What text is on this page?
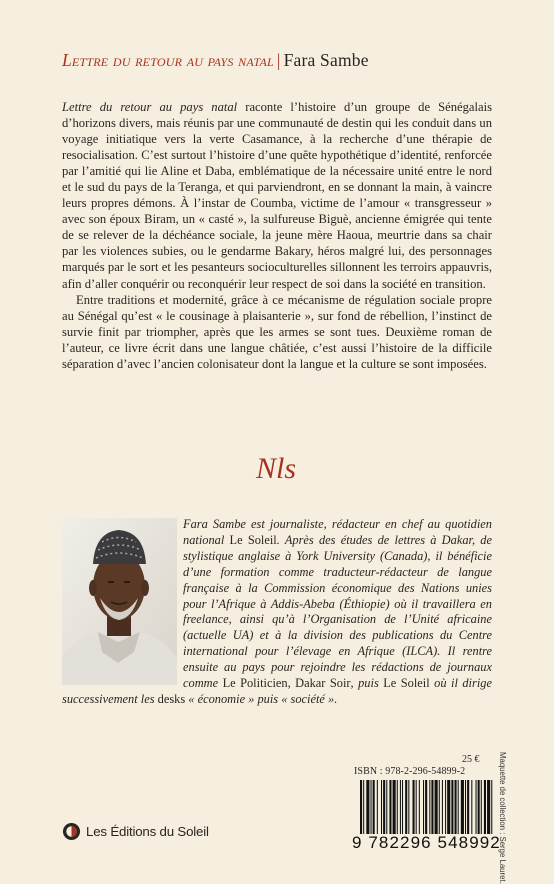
Lettre du retour au pays natal | Fara Sambe

Lettre du retour au pays natal raconte l’histoire d’un groupe de Sénégalais d’horizons divers, mais réunis par une communauté de destin qui les conduit dans un voyage initiatique vers la verte Casamance, à la recherche d’une thérapie de resocialisation. C’est surtout l’histoire d’une quête hypothétique d’identité, renforcée par l’amitié qui lie Aline et Daba, emblématique de la nécessaire unité entre le nord et le sud du pays de la Teranga, et qui parviendront, en se donnant la main, à vaincre leurs propres démons. À l’instar de Coumba, victime de l’amour « transgresseur » avec son époux Biram, un « casté », la sulfureuse Biguè, ancienne émigrée qui tente de se relever de la déchéance sociale, la jeune mère Haoua, meurtrie dans sa chair par les violences subies, ou le gendarme Bakary, héros malgré lui, des personnages marqués par le sort et les pesanteurs socioculturelles sillonnent les terroirs appauvris, afin d’aller conquérir ou reconquérir leur respect de soi dans la société en transition.

Entre traditions et modernité, grâce à ce mécanisme de régulation sociale propre au Sénégal qu’est « le cousinage à plaisanterie », sur fond de rébellion, l’instinct de survie finit par triompher, après que les armes se sont tues. Deuxième roman de l’auteur, ce livre écrit dans une langue châtiée, c’est aussi l’histoire de la difficile séparation d’avec l’ancien colonisateur dont la langue et la culture se sont imposées.

Nls
Fara Sambe est journaliste, rédacteur en chef au quotidien national Le Soleil. Après des études de lettres à Dakar, de stylistique anglaise à York University (Canada), il bénéficie d’une formation comme traducteur-rédacteur de langue française à la Commission économique des Nations unies pour l’Afrique à Addis-Abeba (Éthiopie) où il travaillera en freelance, ainsi qu’à l’Organisation de l’Unité africaine (actuelle UA) et à la division des publications du Centre international pour l’élevage en Afrique (ILCA). Il rentre ensuite au pays pour rejoindre les rédactions de journaux comme Le Politicien, Dakar Soir, puis Le Soleil où il dirige successivement les desks « économie » puis « société ».
25 €
ISBN : 978-2-296-54899-2
9 782296 548992
Maquette de collection : Serge Lauret.
Les Éditions du Soleil
